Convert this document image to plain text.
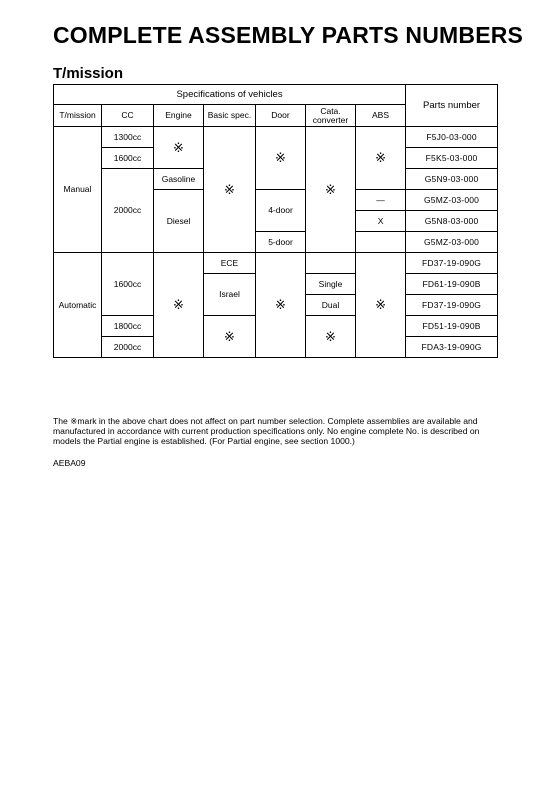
COMPLETE ASSEMBLY PARTS NUMBERS
T/mission
Specifications of vehicles							Parts number
T/mission	CC	Engine	Basic spec.	Door	Cata. converter	ABS	
Manual	1300cc	※	※	※	※	※	F5J0-03-000
	1600cc						F5K5-03-000
	2000cc	Gasoline					G5N9-03-000
		Diesel		4-door		—	G5MZ-03-000
						X	G5N8-03-000
				5-door			G5MZ-03-000
Automatic	1600cc	※	ECE	※		※	FD37-19-090G
			Israel		Single		FD61-19-090B
					Dual		FD37-19-090G
	1800cc		※		※		FD51-19-090B
	2000cc						FDA3-19-090G
The ※mark in the above chart does not affect on part number selection. Complete assemblies are available and manufactured in accordance with current production specifications only. No engine complete No. is described on models the Partial engine is established. (For Partial engine, see section 1000.)
AEBA09
